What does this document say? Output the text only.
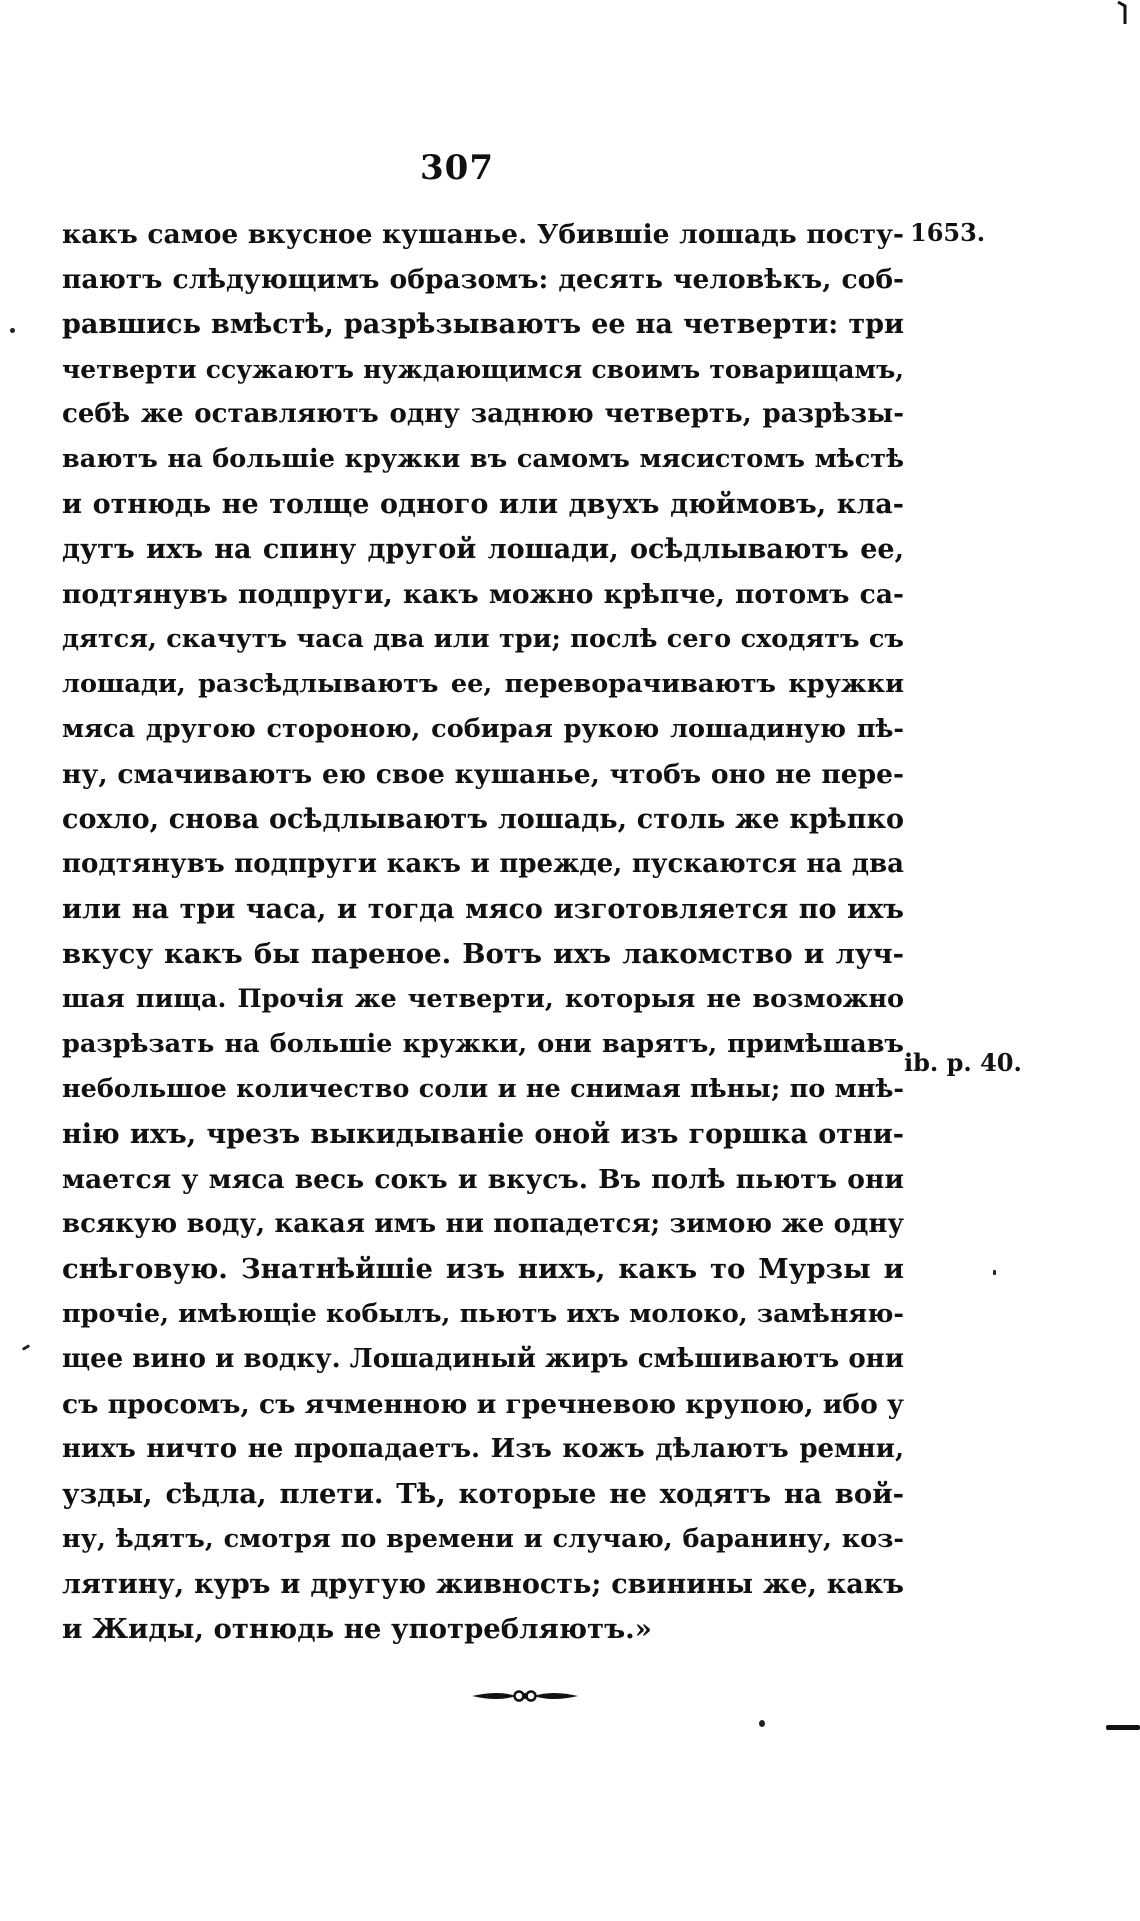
307
1653.
ib. p. 40.
какъ самое вкусное кушанье. Убившіе лошадь посту-
паютъ слѣдующимъ образомъ: десять человѣкъ, соб-
равшись вмѣстѣ, разрѣзываютъ ее на четверти: три
четверти ссужаютъ нуждающимся своимъ товарищамъ,
себѣ же оставляютъ одну заднюю четверть, разрѣзы-
ваютъ на большіе кружки въ самомъ мясистомъ мѣстѣ
и отнюдь не толще одного или двухъ дюймовъ, кла-
дутъ ихъ на спину другой лошади, осѣдлываютъ ее,
подтянувъ подпруги, какъ можно крѣпче, потомъ са-
дятся, скачутъ часа два или три; послѣ сего сходятъ съ
лошади, разсѣдлываютъ ее, переворачиваютъ кружки
мяса другою стороною, собирая рукою лошадиную пѣ-
ну, смачиваютъ ею свое кушанье, чтобъ оно не пере-
сохло, снова осѣдлываютъ лошадь, столь же крѣпко
подтянувъ подпруги какъ и прежде, пускаются на два
или на три часа, и тогда мясо изготовляется по ихъ
вкусу какъ бы пареное. Вотъ ихъ лакомство и луч-
шая пища. Прочія же четверти, которыя не возможно
разрѣзать на большіе кружки, они варятъ, примѣшавъ
небольшое количество соли и не снимая пѣны; по мнѣ-
нію ихъ, чрезъ выкидываніе оной изъ горшка отни-
мается у мяса весь сокъ и вкусъ. Въ полѣ пьютъ они
всякую воду, какая имъ ни попадется; зимою же одну
снѣговую. Знатнѣйшіе изъ нихъ, какъ то Мурзы и
прочіе, имѣющіе кобылъ, пьютъ ихъ молоко, замѣняю-
щее вино и водку. Лошадиный жиръ смѣшиваютъ они
съ просомъ, съ ячменною и гречневою крупою, ибо у
нихъ ничто не пропадаетъ. Изъ кожъ дѣлаютъ ремни,
узды, сѣдла, плети. Тѣ, которые не ходятъ на вой-
ну, ѣдятъ, смотря по времени и случаю, баранину, коз-
лятину, куръ и другую живность; свинины же, какъ
и Жиды, отнюдь не употребляютъ.»
